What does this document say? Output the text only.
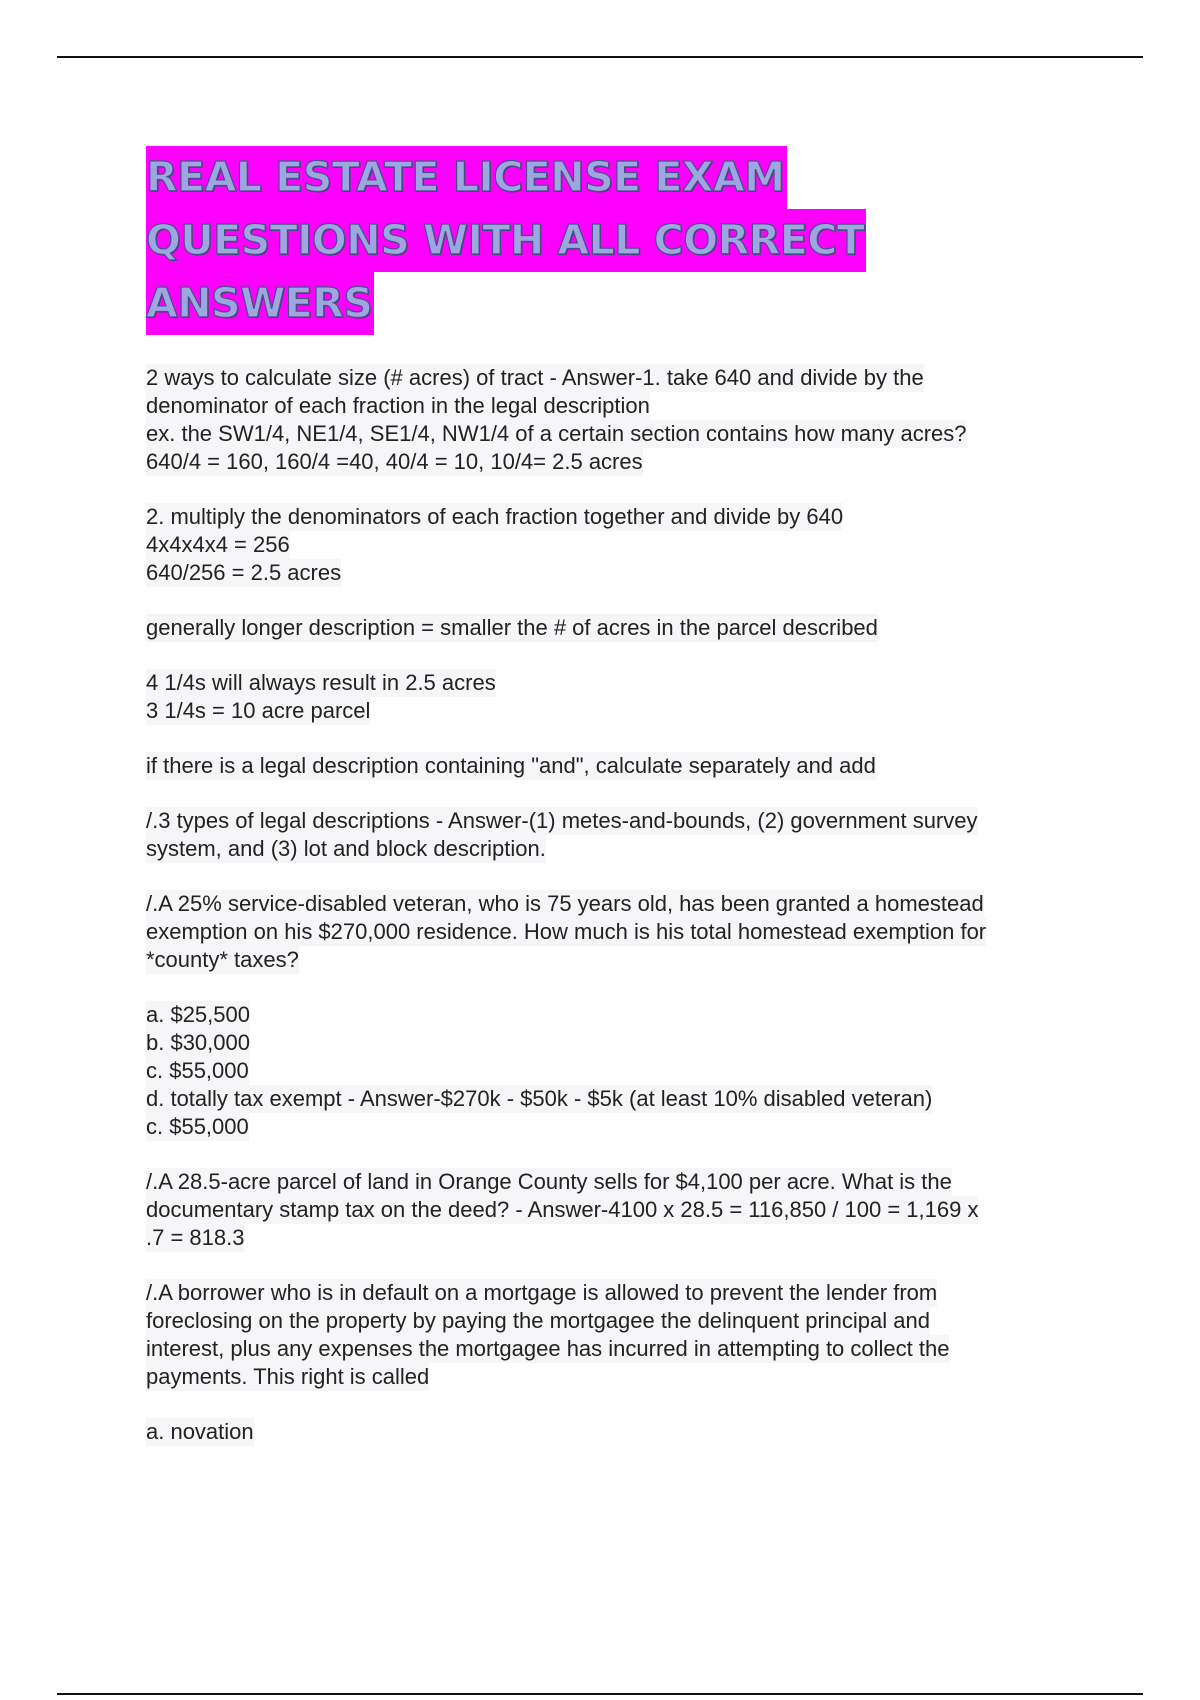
REAL ESTATE LICENSE EXAM
QUESTIONS WITH ALL CORRECT
ANSWERS
2 ways to calculate size (# acres) of tract - Answer-1. take 640 and divide by the
denominator of each fraction in the legal description
ex. the SW1/4, NE1/4, SE1/4, NW1/4 of a certain section contains how many acres?
640/4 = 160, 160/4 =40, 40/4 = 10, 10/4= 2.5 acres
2. multiply the denominators of each fraction together and divide by 640
4x4x4x4 = 256
640/256 = 2.5 acres
generally longer description = smaller the # of acres in the parcel described
4 1/4s will always result in 2.5 acres
3 1/4s = 10 acre parcel
if there is a legal description containing "and", calculate separately and add
/.3 types of legal descriptions - Answer-(1) metes-and-bounds, (2) government survey
system, and (3) lot and block description.
/.A 25% service-disabled veteran, who is 75 years old, has been granted a homestead
exemption on his $270,000 residence. How much is his total homestead exemption for
*county* taxes?
a. $25,500
b. $30,000
c. $55,000
d. totally tax exempt - Answer-$270k - $50k - $5k (at least 10% disabled veteran)
c. $55,000
/.A 28.5-acre parcel of land in Orange County sells for $4,100 per acre. What is the
documentary stamp tax on the deed? - Answer-4100 x 28.5 = 116,850 / 100 = 1,169 x
.7 = 818.3
/.A borrower who is in default on a mortgage is allowed to prevent the lender from
foreclosing on the property by paying the mortgagee the delinquent principal and
interest, plus any expenses the mortgagee has incurred in attempting to collect the
payments. This right is called
a. novation
